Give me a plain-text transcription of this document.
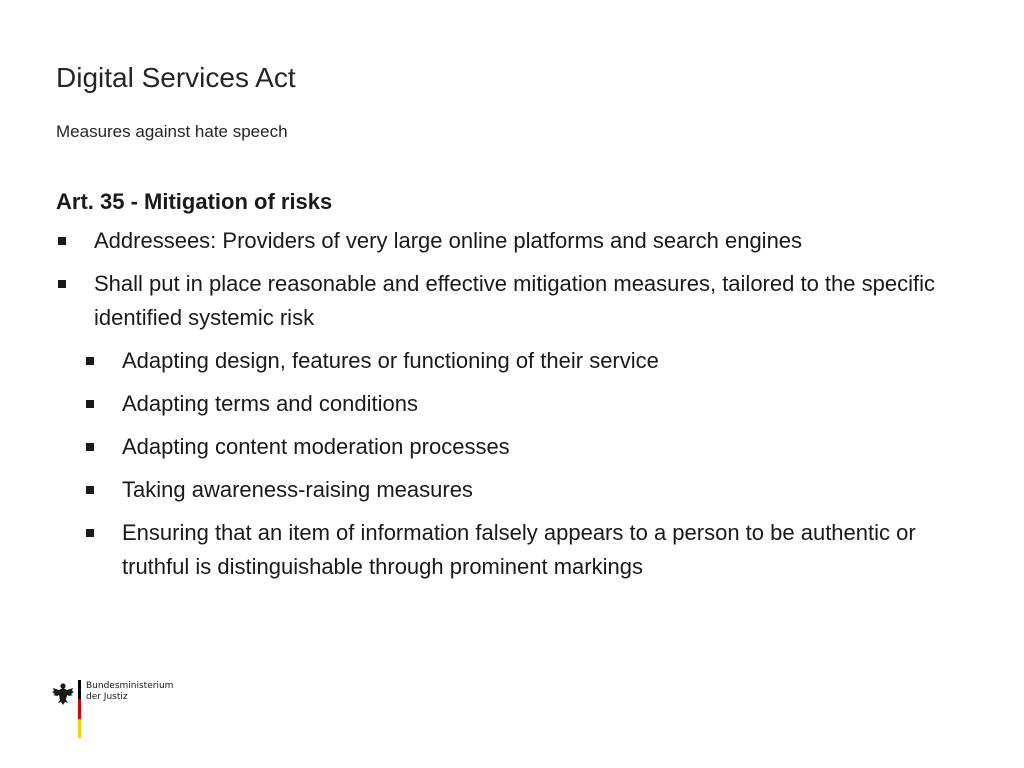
Digital Services Act
Measures against hate speech
Art. 35 - Mitigation of risks
Addressees: Providers of very large online platforms and search engines
Shall put in place reasonable and effective mitigation measures, tailored to the specific identified systemic risk
Adapting design, features or functioning of their service
Adapting terms and conditions
Adapting content moderation processes
Taking awareness-raising measures
Ensuring that an item of information falsely appears to a person to be authentic or truthful is distinguishable through prominent markings
Bundesministerium
der Justiz
